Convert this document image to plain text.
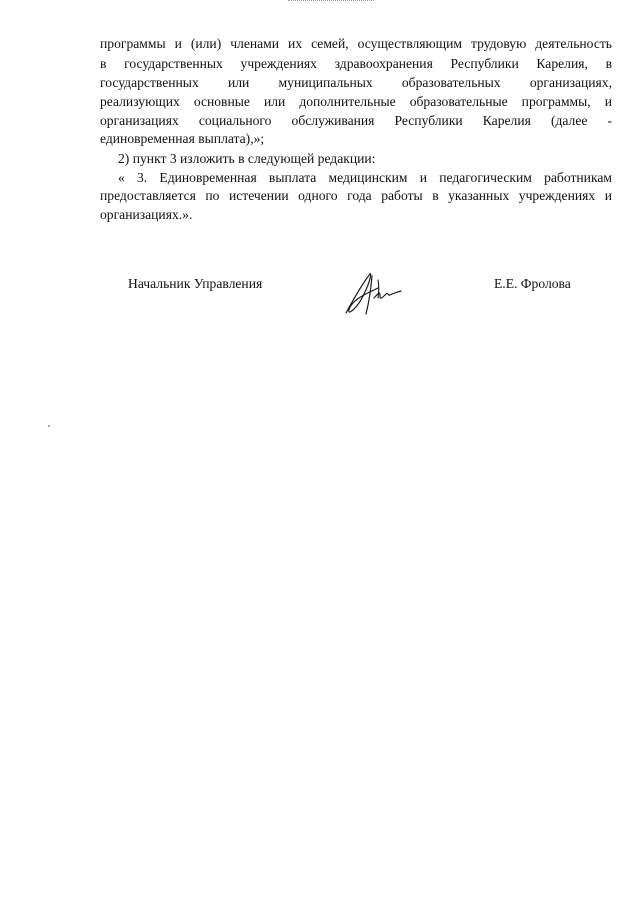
программы и (или) членами их семей, осуществляющим трудовую деятельность

в государственных учреждениях здравоохранения Республики Карелия, в

государственных или муниципальных образовательных организациях,

реализующих основные или дополнительные образовательные программы, и

организациях социального обслуживания Республики Карелия (далее -

единовременная выплата),»;

2) пункт 3 изложить в следующей редакции:

« 3. Единовременная выплата медицинским и педагогическим работникам

предоставляется по истечении одного года работы в указанных учреждениях и

организациях.».

Начальник Управления	Е.Е. Фролова
